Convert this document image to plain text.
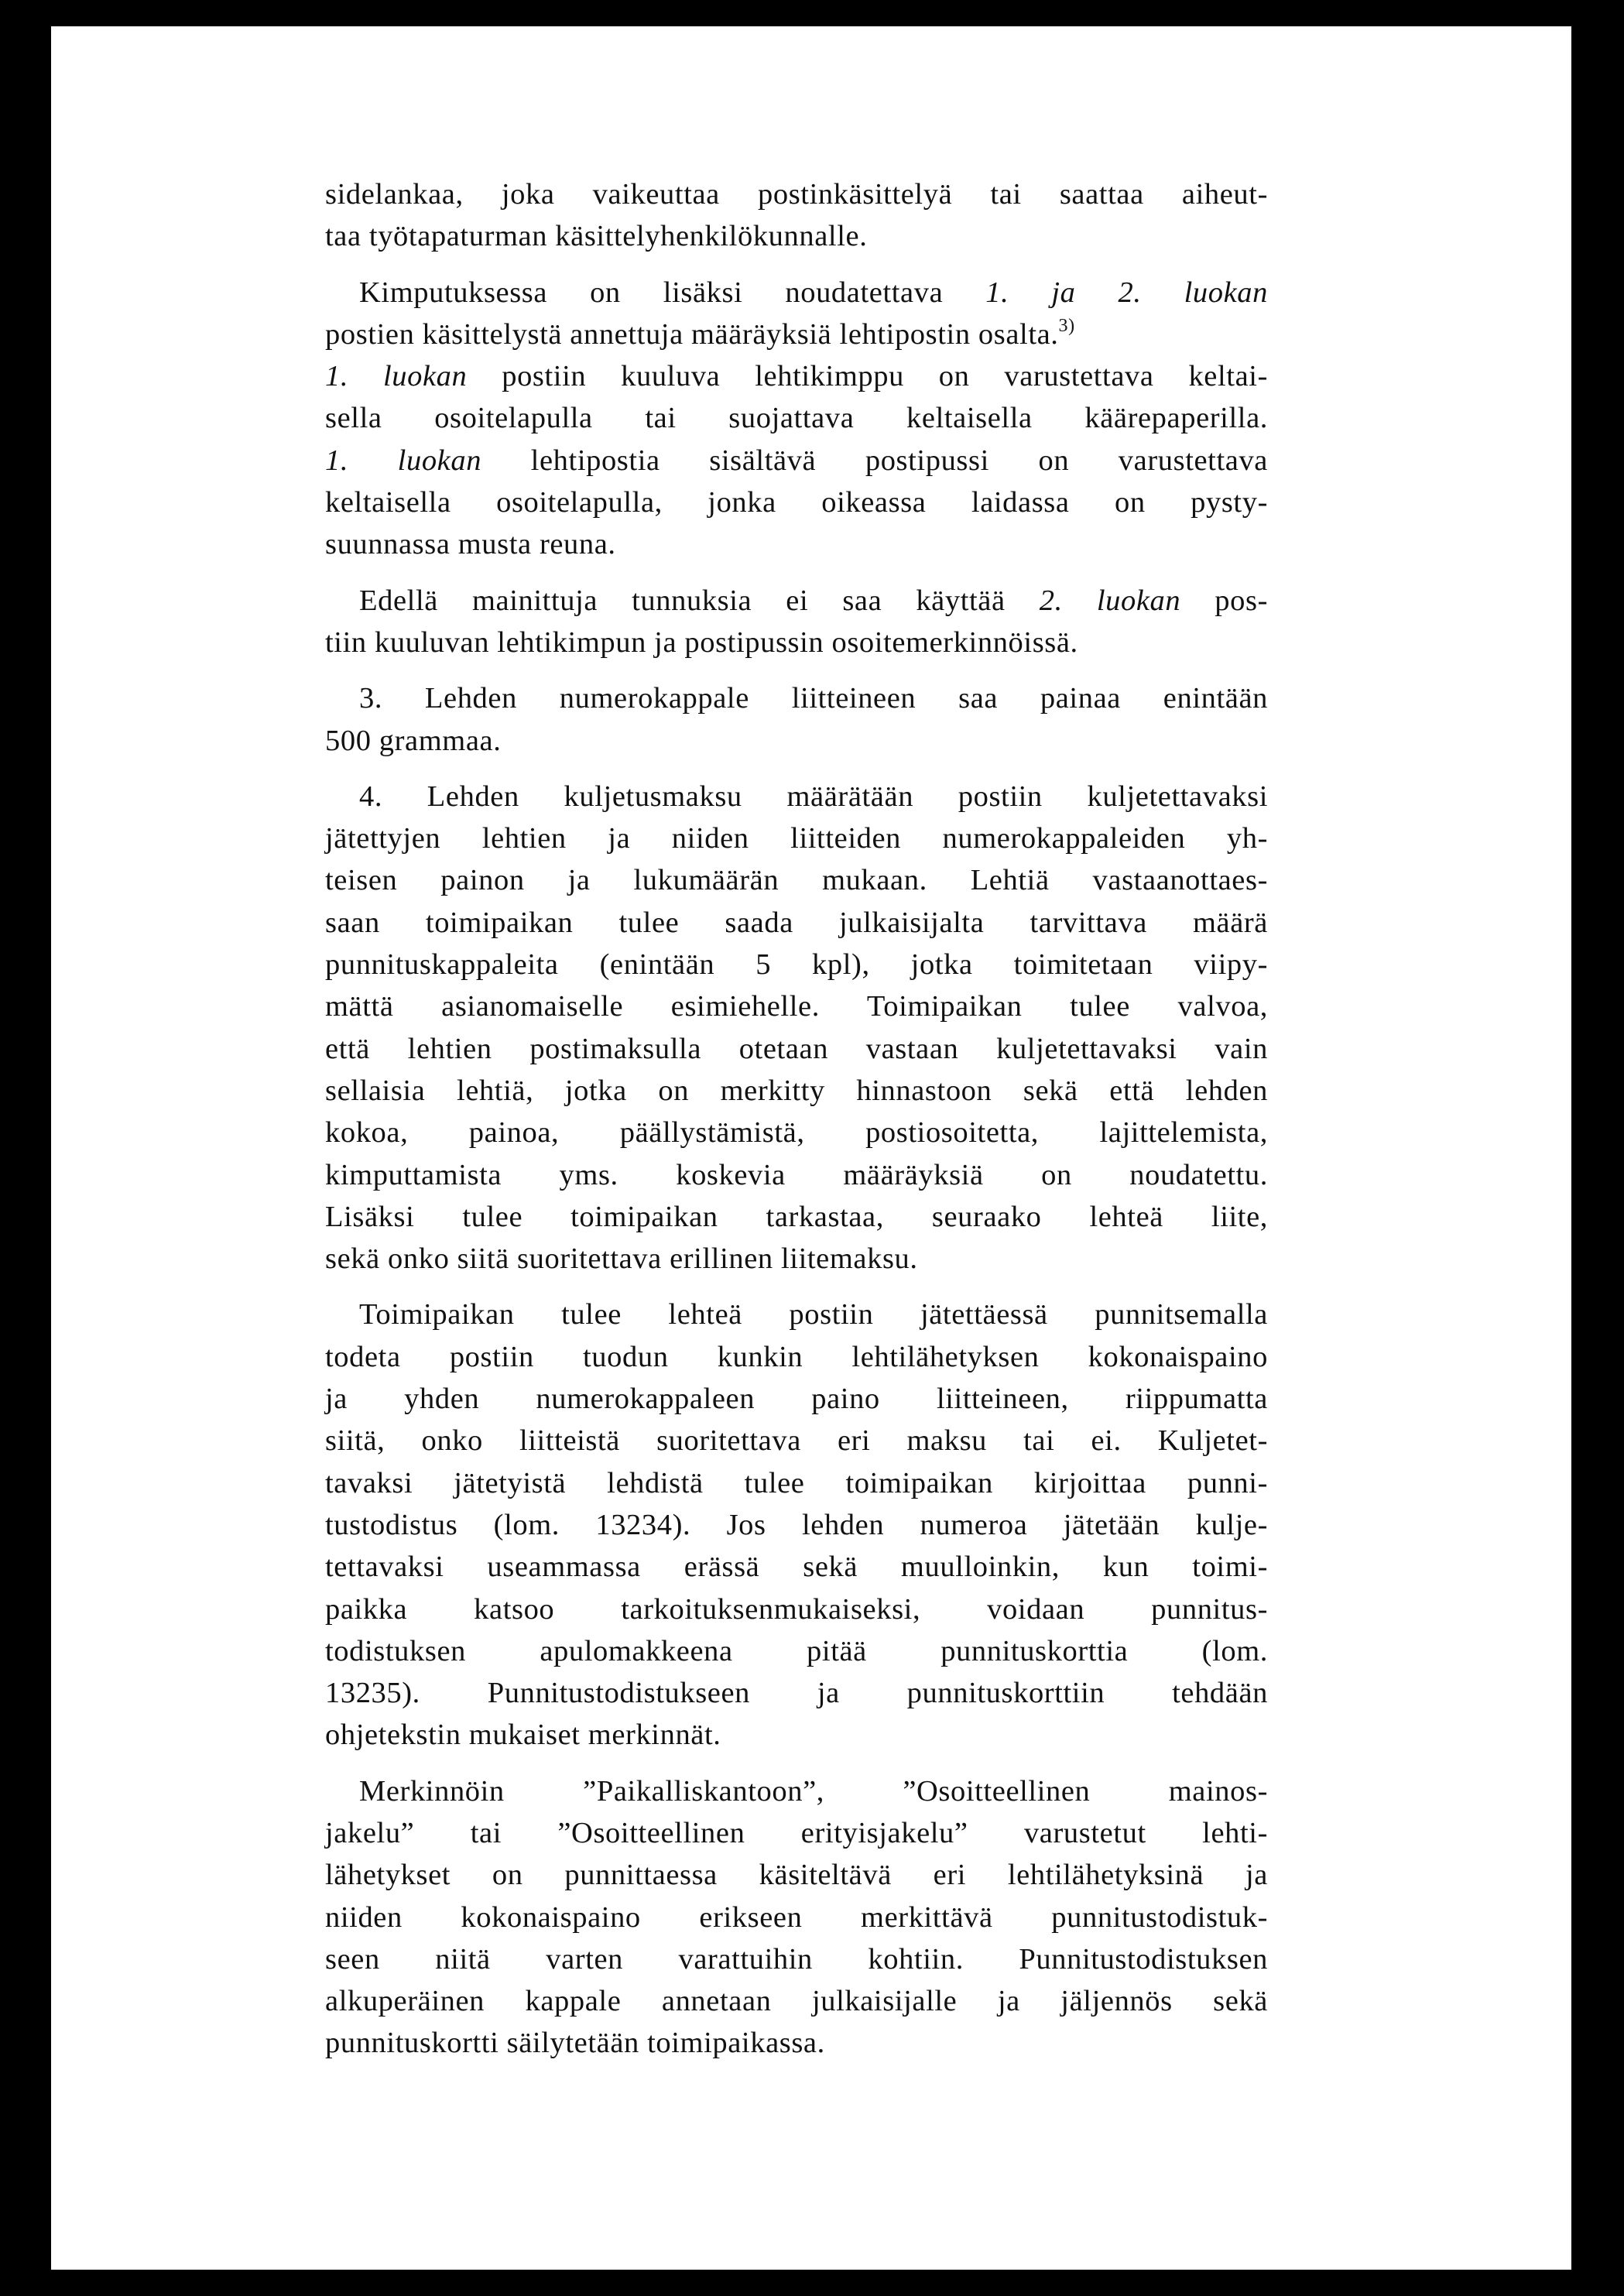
sidelankaa, joka vaikeuttaa postinkäsittelyä tai saattaa aiheut-
taa työtapaturman käsittelyhenkilökunnalle.
Kimputuksessa on lisäksi noudatettava 1. ja 2. luokan
postien käsittelystä annettuja määräyksiä lehtipostin osalta.$^{3)}$
1. luokan postiin kuuluva lehtikimppu on varustettava keltai-
sella osoitelapulla tai suojattava keltaisella käärepaperilla.
1. luokan lehtipostia sisältävä postipussi on varustettava
keltaisella osoitelapulla, jonka oikeassa laidassa on pysty-
suunnassa musta reuna.
Edellä mainittuja tunnuksia ei saa käyttää 2. luokan pos-
tiin kuuluvan lehtikimpun ja postipussin osoitemerkinnöissä.
3. Lehden numerokappale liitteineen saa painaa enintään
500 grammaa.
4. Lehden kuljetusmaksu määrätään postiin kuljetettavaksi
jätettyjen lehtien ja niiden liitteiden numerokappaleiden yh-
teisen painon ja lukumäärän mukaan. Lehtiä vastaanottaes-
saan toimipaikan tulee saada julkaisijalta tarvittava määrä
punnituskappaleita (enintään 5 kpl), jotka toimitetaan viipy-
mättä asianomaiselle esimiehelle. Toimipaikan tulee valvoa,
että lehtien postimaksulla otetaan vastaan kuljetettavaksi vain
sellaisia lehtiä, jotka on merkitty hinnastoon sekä että lehden
kokoa, painoa, päällystämistä, postiosoitetta, lajittelemista,
kimputtamista yms. koskevia määräyksiä on noudatettu.
Lisäksi tulee toimipaikan tarkastaa, seuraako lehteä liite,
sekä onko siitä suoritettava erillinen liitemaksu.
Toimipaikan tulee lehteä postiin jätettäessä punnitsemalla
todeta postiin tuodun kunkin lehtilähetyksen kokonaispaino
ja yhden numerokappaleen paino liitteineen, riippumatta
siitä, onko liitteistä suoritettava eri maksu tai ei. Kuljetet-
tavaksi jätetyistä lehdistä tulee toimipaikan kirjoittaa punni-
tustodistus (lom. 13234). Jos lehden numeroa jätetään kulje-
tettavaksi useammassa erässä sekä muulloinkin, kun toimi-
paikka katsoo tarkoituksenmukaiseksi, voidaan punnitus-
todistuksen apulomakkeena pitää punnituskorttia (lom.
13235). Punnitustodistukseen ja punnituskorttiin tehdään
ohjetekstin mukaiset merkinnät.
Merkinnöin ”Paikalliskantoon”, ”Osoitteellinen mainos-
jakelu” tai ”Osoitteellinen erityisjakelu” varustetut lehti-
lähetykset on punnittaessa käsiteltävä eri lehtilähetyksinä ja
niiden kokonaispaino erikseen merkittävä punnitustodistuk-
seen niitä varten varattuihin kohtiin. Punnitustodistuksen
alkuperäinen kappale annetaan julkaisijalle ja jäljennös sekä
punnituskortti säilytetään toimipaikassa.
